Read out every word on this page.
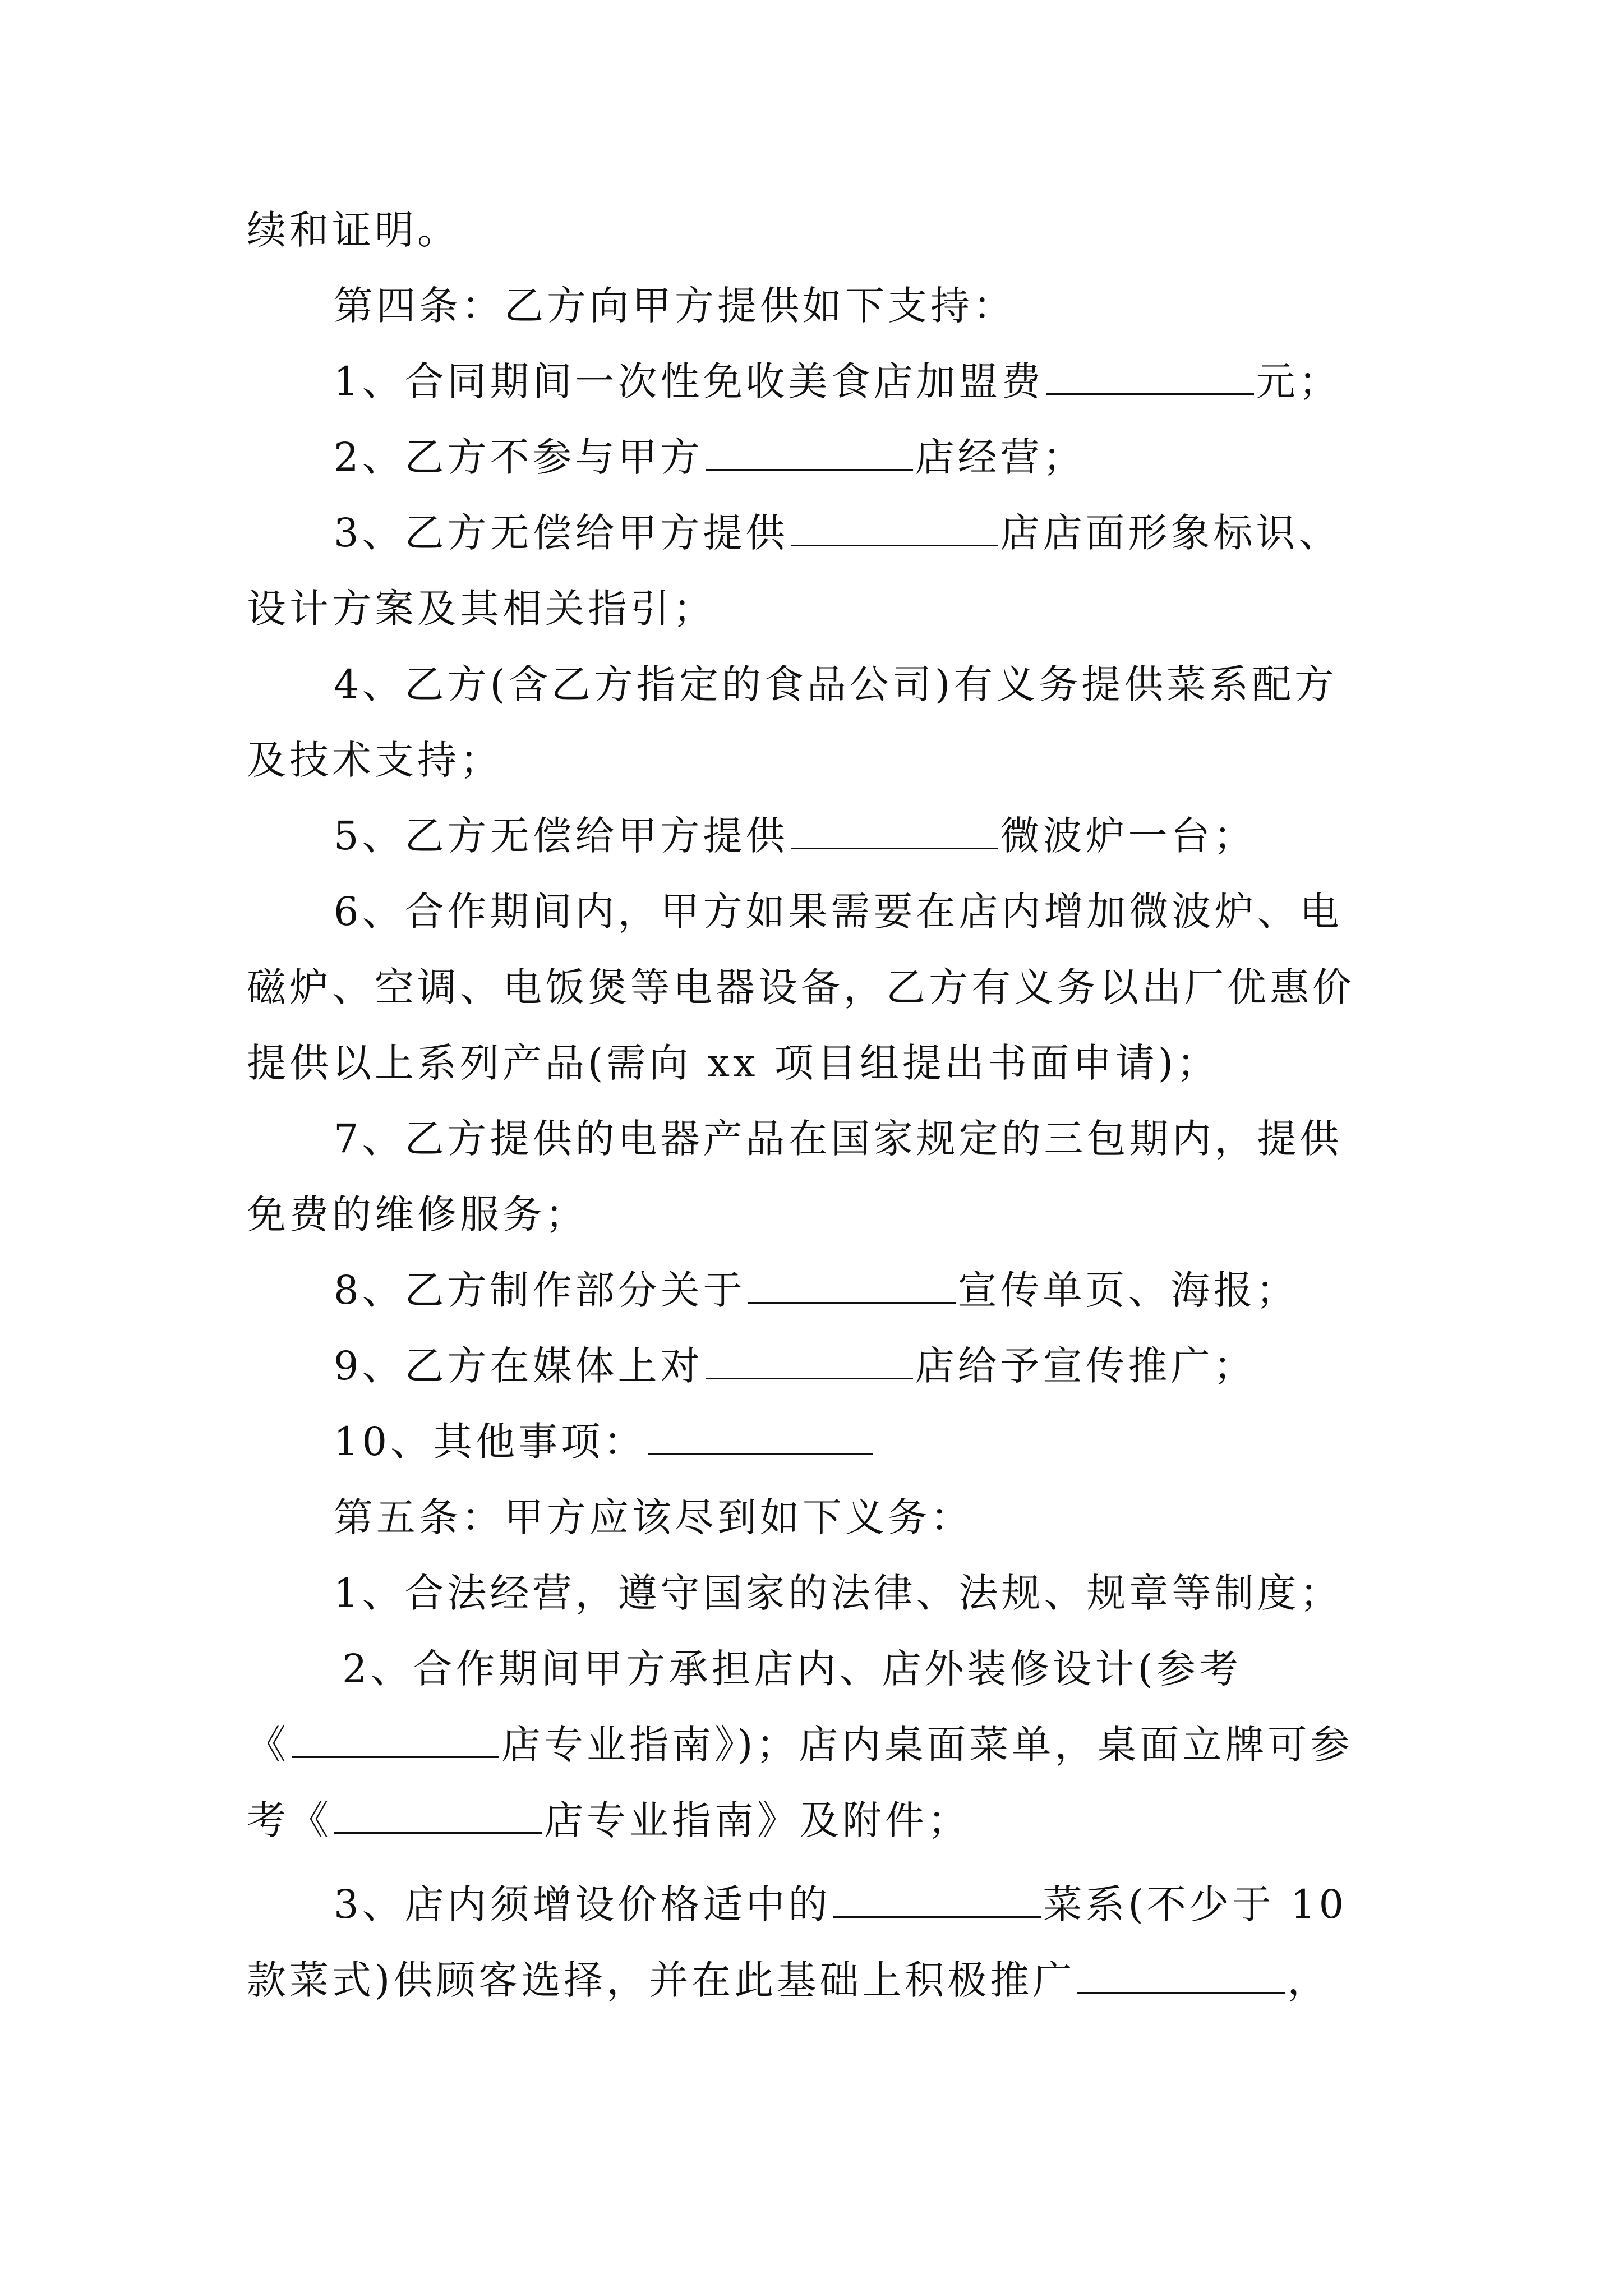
续和证明。
第四条：乙方向甲方提供如下支持：
1、合同期间一次性免收美食店加盟费	元；
2、乙方不参与甲方	店经营；
3、乙方无偿给甲方提供	店店面形象标识、
设计方案及其相关指引；
4、乙方(含乙方指定的食品公司)有义务提供菜系配方
及技术支持；
5、乙方无偿给甲方提供	微波炉一台；
6、合作期间内，甲方如果需要在店内增加微波炉、电
磁炉、空调、电饭煲等电器设备，乙方有义务以出厂优惠价
提供以上系列产品(需向 xx 项目组提出书面申请)；
7、乙方提供的电器产品在国家规定的三包期内，提供
免费的维修服务；
8、乙方制作部分关于	宣传单页、海报；
9、乙方在媒体上对	店给予宣传推广；
10、其他事项：
第五条：甲方应该尽到如下义务：
1、合法经营，遵守国家的法律、法规、规章等制度；
2、合作期间甲方承担店内、店外装修设计(参考
《	店专业指南》)；店内桌面菜单，桌面立牌可参
考《	店专业指南》及附件；
3、店内须增设价格适中的	菜系(不少于 10
款菜式)供顾客选择，并在此基础上积极推广	，
